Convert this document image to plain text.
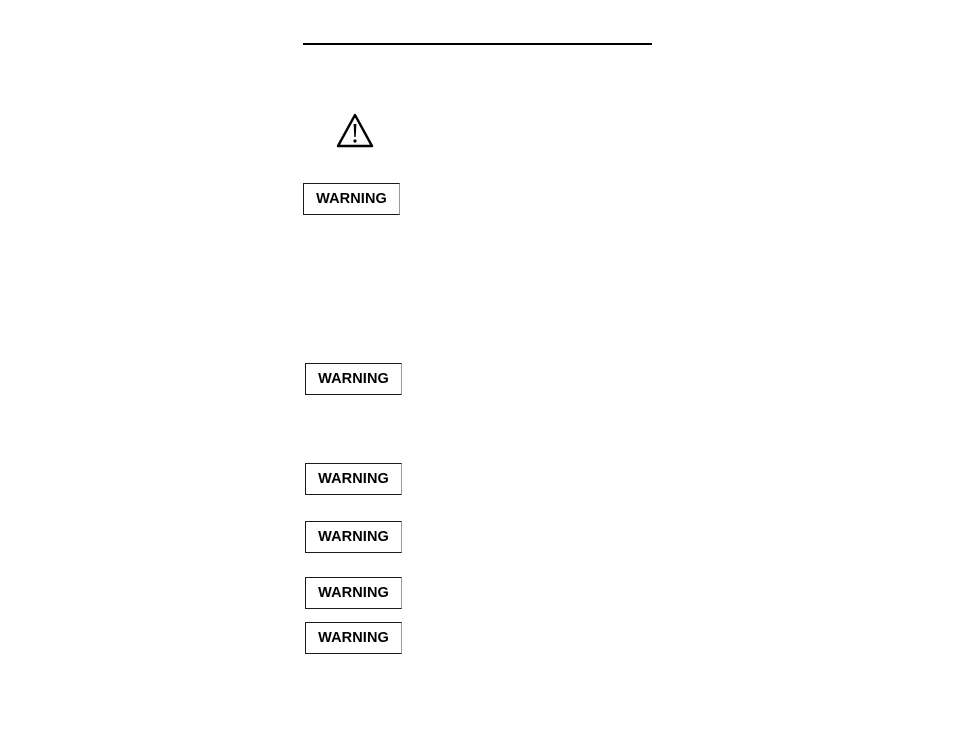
WARNING
WARNING
WARNING
WARNING
WARNING
WARNING
